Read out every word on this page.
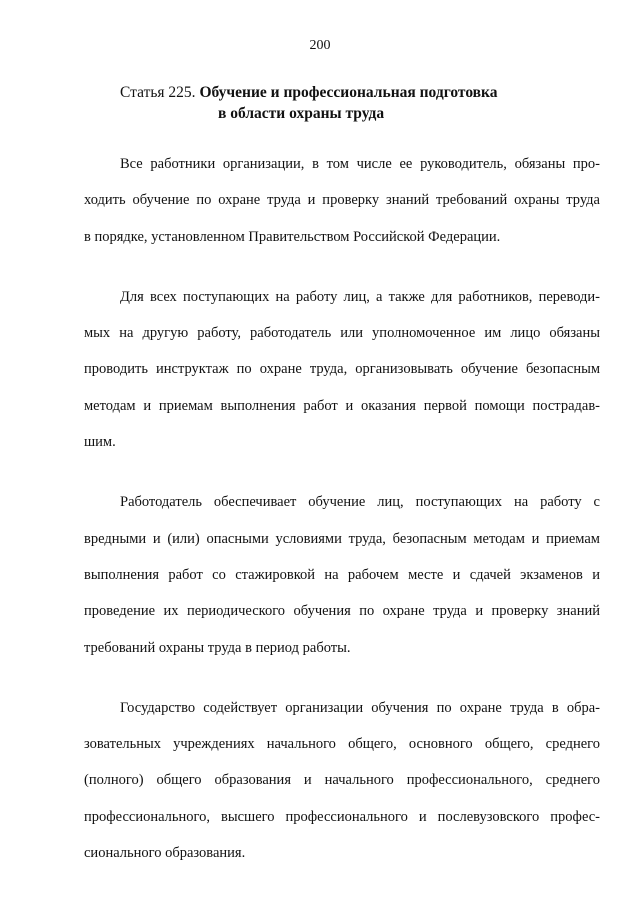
200
Статья 225. Обучение и профессиональная подготовка
в области охраны труда
Все работники организации, в том числе ее руководитель, обязаны про-
ходить обучение по охране труда и проверку знаний требований охраны труда
в порядке, установленном Правительством Российской Федерации.
Для всех поступающих на работу лиц, а также для работников, переводи-
мых на другую работу, работодатель или уполномоченное им лицо обязаны
проводить инструктаж по охране труда, организовывать обучение безопасным
методам и приемам выполнения работ и оказания первой помощи пострадав-
шим.
Работодатель обеспечивает обучение лиц, поступающих на работу с
вредными и (или) опасными условиями труда, безопасным методам и приемам
выполнения работ со стажировкой на рабочем месте и сдачей экзаменов и
проведение их периодического обучения по охране труда и проверку знаний
требований охраны труда в период работы.
Государство содействует организации обучения по охране труда в обра-
зовательных учреждениях начального общего, основного общего, среднего
(полного) общего образования и начального профессионального, среднего
профессионального, высшего профессионального и послевузовского профес-
сионального образования.
